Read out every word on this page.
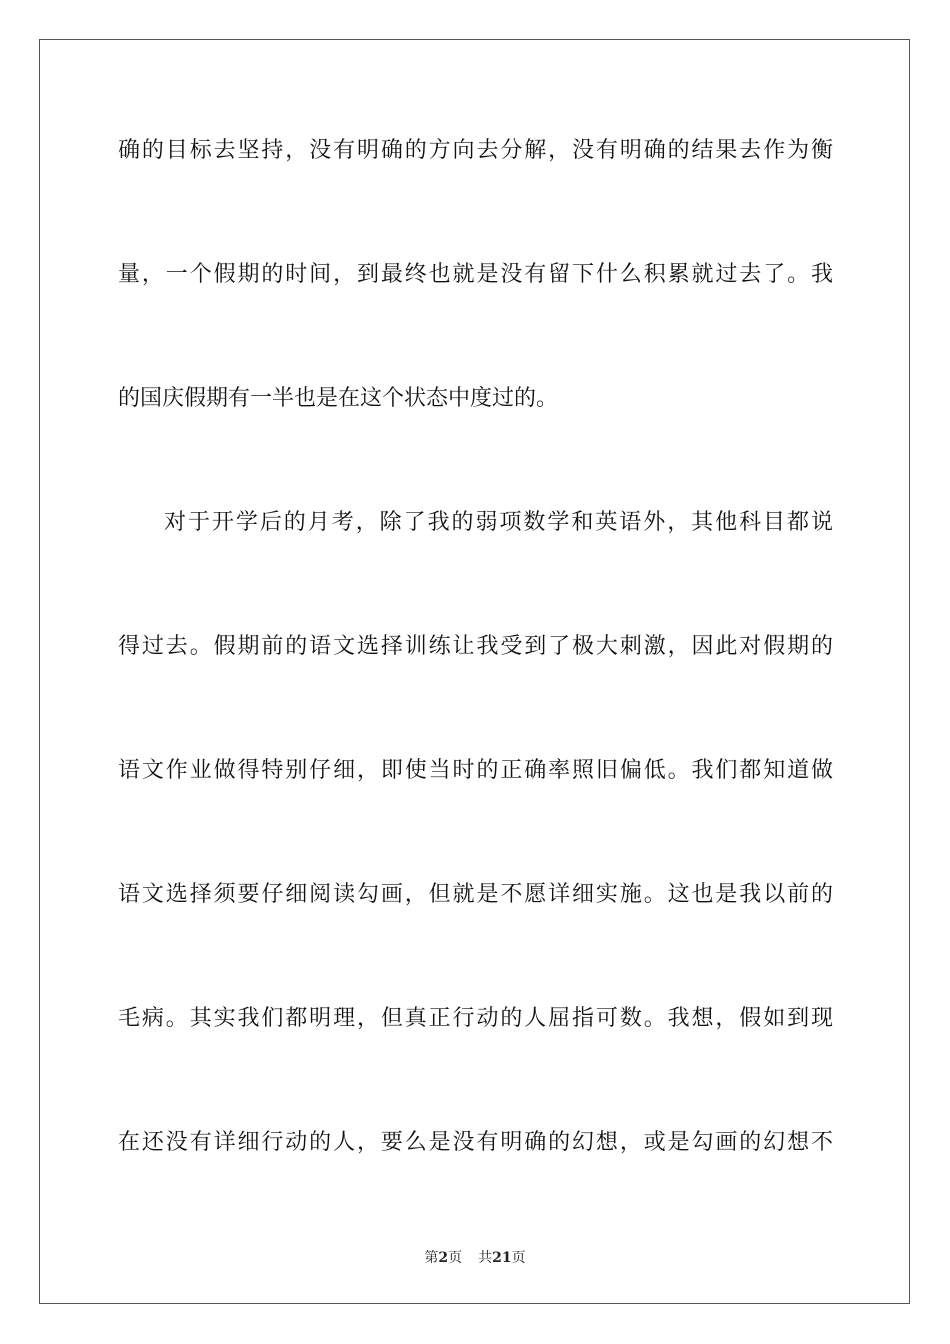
确的目标去坚持，没有明确的方向去分解，没有明确的结果去作为衡
量，一个假期的时间，到最终也就是没有留下什么积累就过去了。我
的国庆假期有一半也是在这个状态中度过的。
对于开学后的月考，除了我的弱项数学和英语外，其他科目都说
得过去。假期前的语文选择训练让我受到了极大刺激，因此对假期的
语文作业做得特别仔细，即使当时的正确率照旧偏低。我们都知道做
语文选择须要仔细阅读勾画，但就是不愿详细实施。这也是我以前的
毛病。其实我们都明理，但真正行动的人屈指可数。我想，假如到现
在还没有详细行动的人，要么是没有明确的幻想，或是勾画的幻想不
第2页 共21页
